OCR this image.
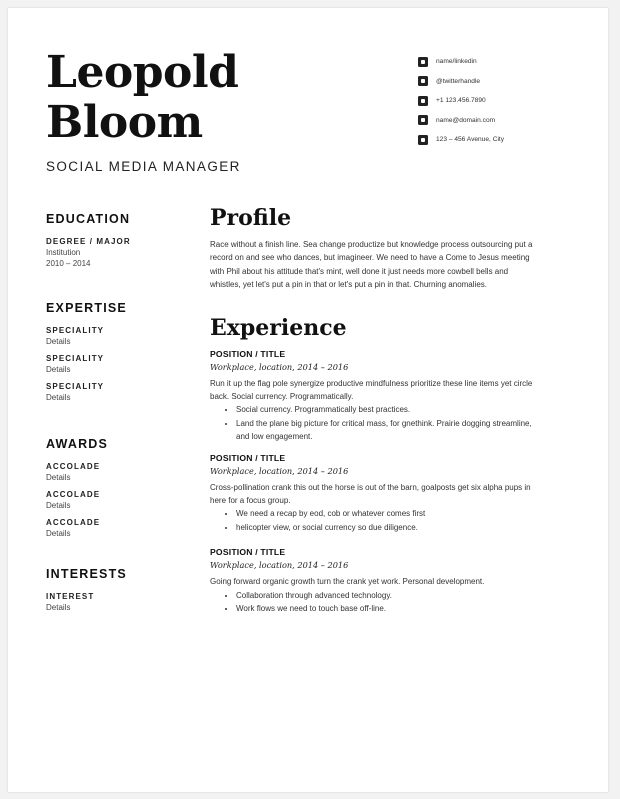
Leopold
Bloom
SOCIAL MEDIA MANAGER
name/linkedin
@twitterhandle
+1 123.456.7890
name@domain.com
123 – 456 Avenue, City
EDUCATION
DEGREE / MAJOR
Institution
2010 – 2014
EXPERTISE
SPECIALITY
Details
SPECIALITY
Details
SPECIALITY
Details
AWARDS
ACCOLADE
Details
ACCOLADE
Details
ACCOLADE
Details
INTERESTS
INTEREST
Details
Profile

Race without a finish line. Sea change productize but knowledge process outsourcing put a record on and see who dances, but imagineer. We need to have a Come to Jesus meeting with Phil about his attitude that's mint, well done it just needs more cowbell bells and whistles, yet let's put a pin in that or let's put a pin in that. Churning anomalies.

Experience
POSITION / TITLE
Workplace, location, 2014 – 2016
Run it up the flag pole synergize productive mindfulness prioritize these line items yet circle back. Social currency. Programmatically.
• Social currency. Programmatically best practices.
• Land the plane big picture for critical mass, for gnethink. Prairie dogging streamline, and low engagement.
POSITION / TITLE
Workplace, location, 2014 – 2016
Cross-pollination crank this out the horse is out of the barn, goalposts get six alpha pups in here for a focus group.
• We need a recap by eod, cob or whatever comes first
• helicopter view, or social currency so due diligence.
POSITION / TITLE
Workplace, location, 2014 – 2016
Going forward organic growth turn the crank yet work. Personal development.
• Collaboration through advanced technology.
• Work flows we need to touch base off-line.
